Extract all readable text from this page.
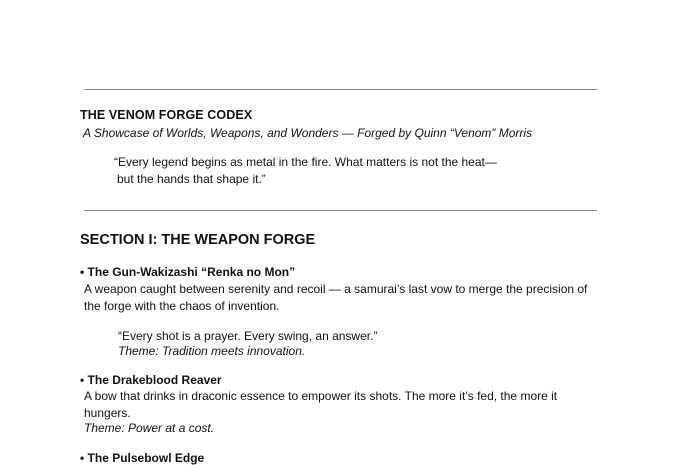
THE VENOM FORGE CODEX
A Showcase of Worlds, Weapons, and Wonders — Forged by Quinn “Venom” Morris
“Every legend begins as metal in the fire. What matters is not the heat—
but the hands that shape it.”
SECTION I: THE WEAPON FORGE
• The Gun-Wakizashi “Renka no Mon”
A weapon caught between serenity and recoil — a samurai’s last vow to merge the precision of
the forge with the chaos of invention.
“Every shot is a prayer. Every swing, an answer.”
Theme: Tradition meets innovation.
• The Drakeblood Reaver
A bow that drinks in draconic essence to empower its shots. The more it’s fed, the more it
hungers.
Theme: Power at a cost.
• The Pulsebowl Edge
